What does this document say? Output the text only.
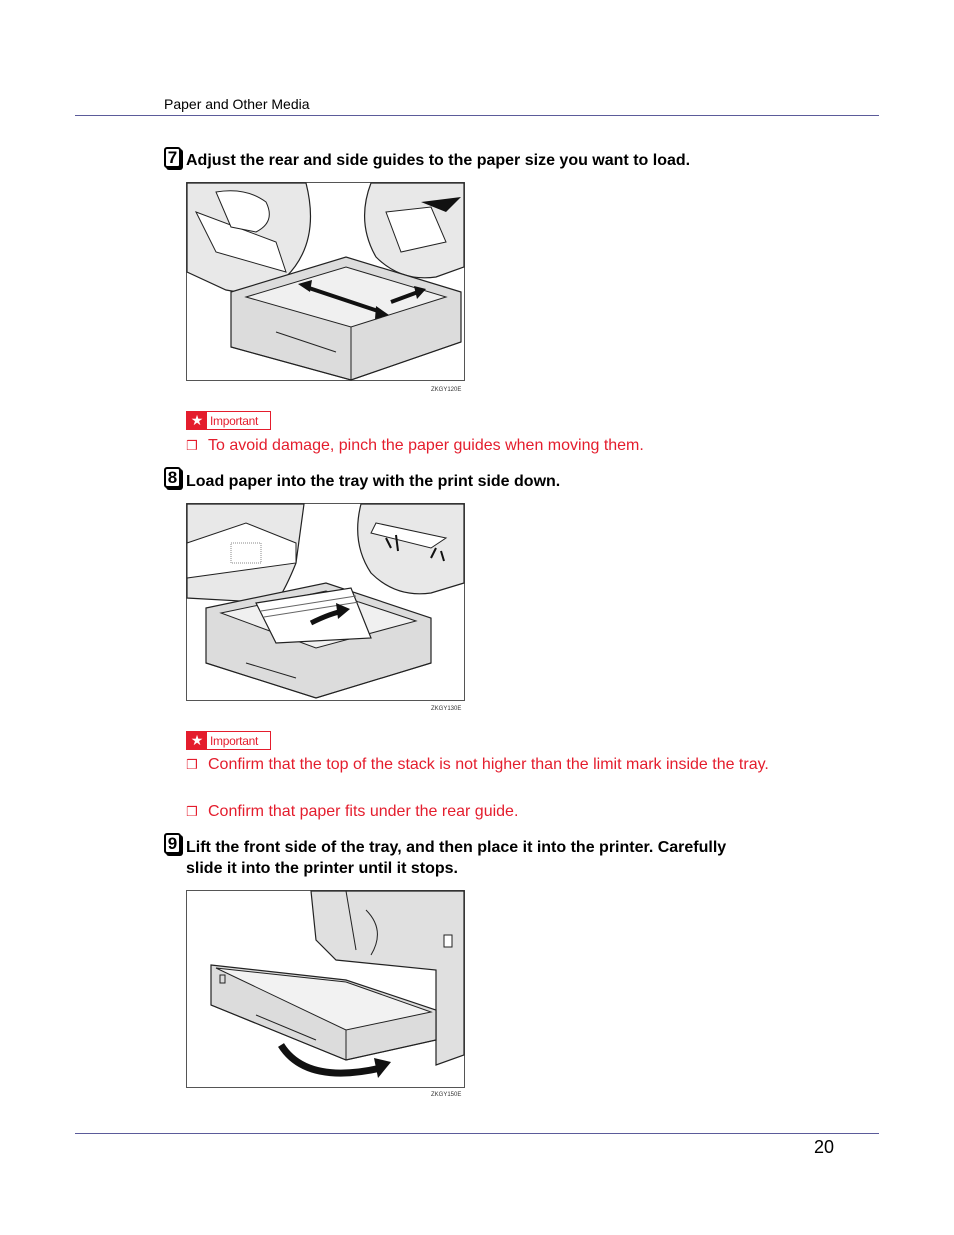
Paper and Other Media
7 Adjust the rear and side guides to the paper size you want to load.
ZKGY120E
★ Important
❒ To avoid damage, pinch the paper guides when moving them.
8 Load paper into the tray with the print side down.
ZKGY130E
★ Important
❒ Confirm that the top of the stack is not higher than the limit mark inside the tray.
❒ Confirm that paper fits under the rear guide.
9 Lift the front side of the tray, and then place it into the printer. Carefully
slide it into the printer until it stops.
ZKGY150E
20
